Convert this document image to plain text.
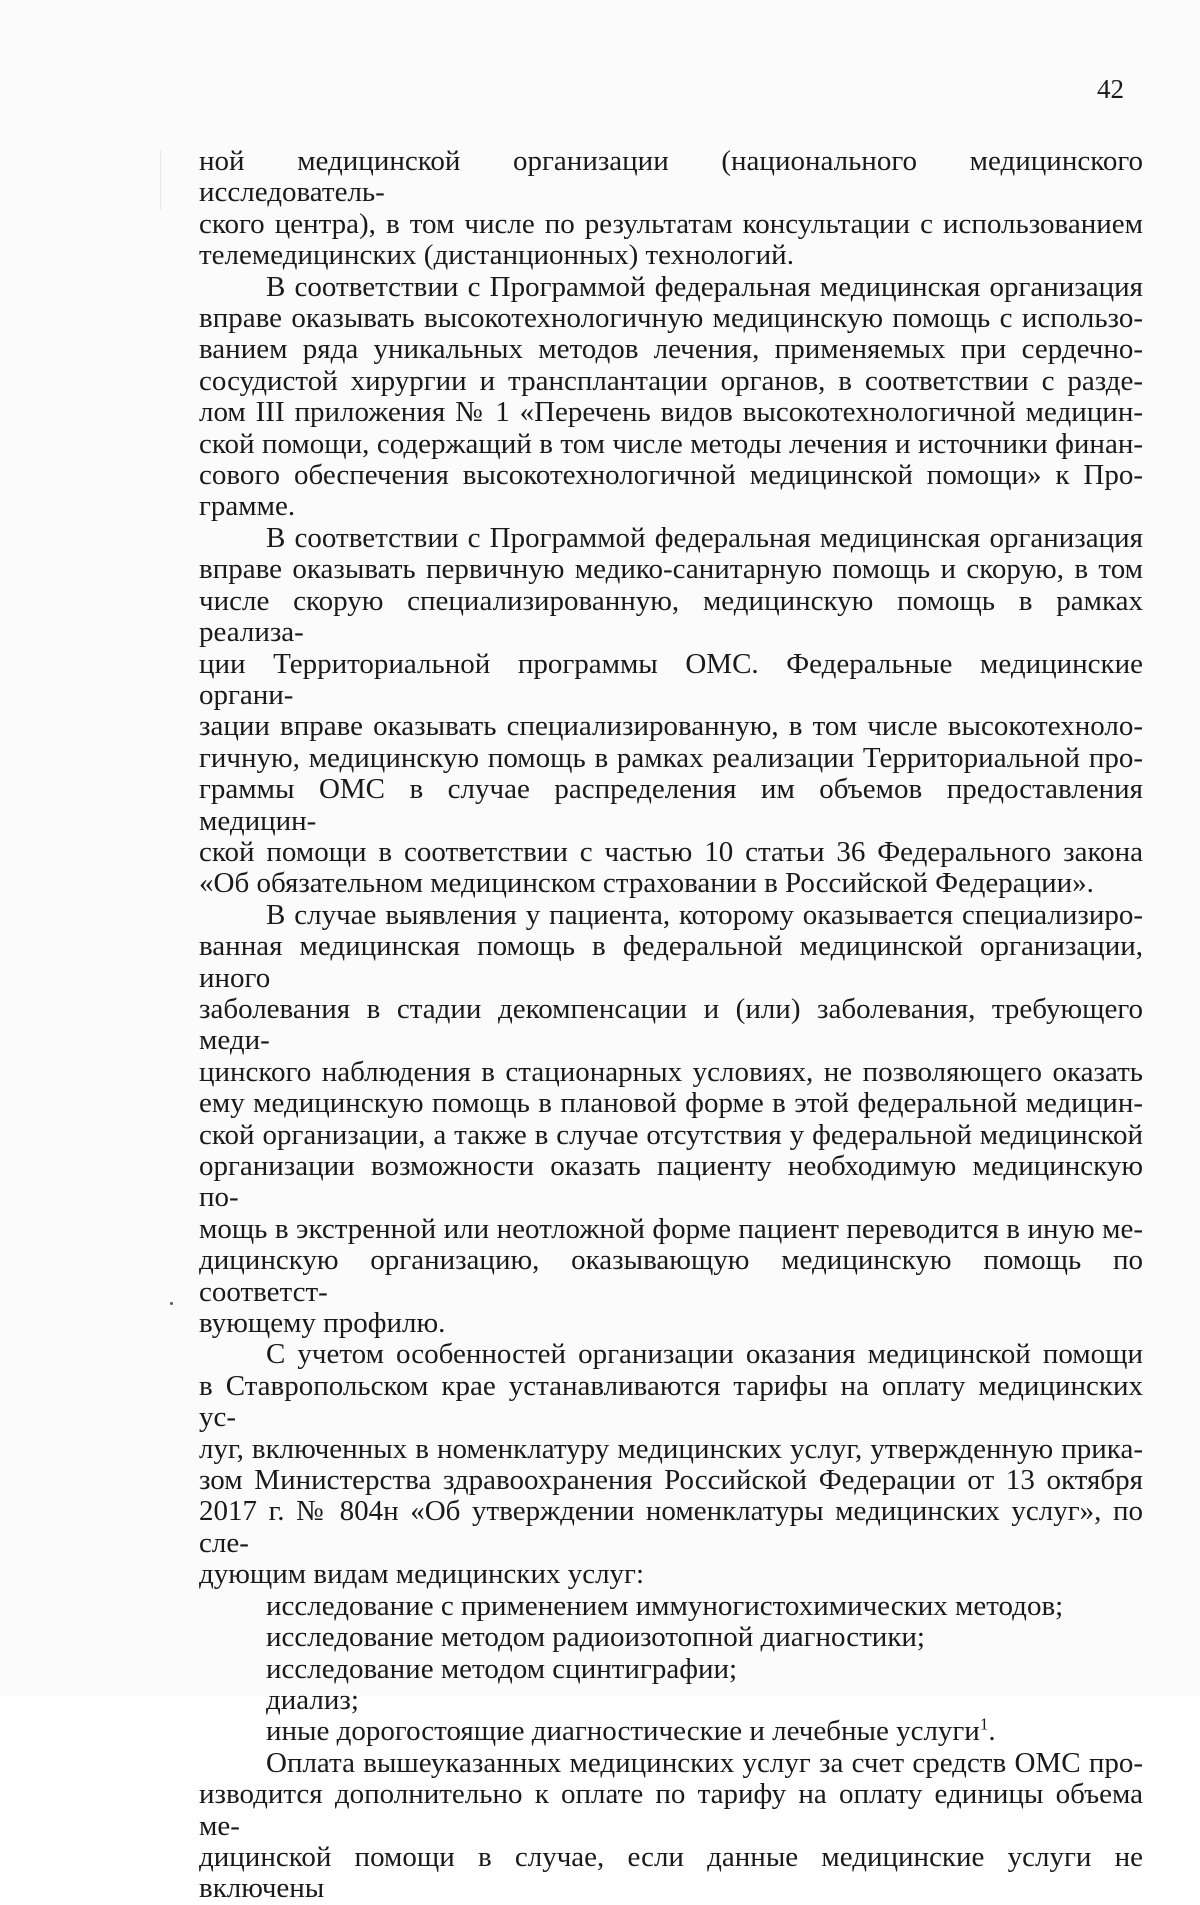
42

ной медицинской организации (национального медицинского исследователь-
ского центра), в том числе по результатам консультации с использованием
телемедицинских (дистанционных) технологий.

В соответствии с Программой федеральная медицинская организация
вправе оказывать высокотехнологичную медицинскую помощь с использо-
ванием ряда уникальных методов лечения, применяемых при сердечно-
сосудистой хирургии и трансплантации органов, в соответствии с разде-
лом III приложения № 1 «Перечень видов высокотехнологичной медицин-
ской помощи, содержащий в том числе методы лечения и источники финан-
сового обеспечения высокотехнологичной медицинской помощи» к Про-
грамме.

В соответствии с Программой федеральная медицинская организация
вправе оказывать первичную медико-санитарную помощь и скорую, в том
числе скорую специализированную, медицинскую помощь в рамках реализа-
ции Территориальной программы ОМС. Федеральные медицинские органи-
зации вправе оказывать специализированную, в том числе высокотехноло-
гичную, медицинскую помощь в рамках реализации Территориальной про-
граммы ОМС в случае распределения им объемов предоставления медицин-
ской помощи в соответствии с частью 10 статьи 36 Федерального закона
«Об обязательном медицинском страховании в Российской Федерации».

В случае выявления у пациента, которому оказывается специализиро-
ванная медицинская помощь в федеральной медицинской организации, иного
заболевания в стадии декомпенсации и (или) заболевания, требующего меди-
цинского наблюдения в стационарных условиях, не позволяющего оказать
ему медицинскую помощь в плановой форме в этой федеральной медицин-
ской организации, а также в случае отсутствия у федеральной медицинской
организации возможности оказать пациенту необходимую медицинскую по-
мощь в экстренной или неотложной форме пациент переводится в иную ме-
дицинскую организацию, оказывающую медицинскую помощь по соответст-
вующему профилю.

С учетом особенностей организации оказания медицинской помощи
в Ставропольском крае устанавливаются тарифы на оплату медицинских ус-
луг, включенных в номенклатуру медицинских услуг, утвержденную прика-
зом Министерства здравоохранения Российской Федерации от 13 октября
2017 г. № 804н «Об утверждении номенклатуры медицинских услуг», по сле-
дующим видам медицинских услуг:

исследование с применением иммуногистохимических методов;
исследование методом радиоизотопной диагностики;
исследование методом сцинтиграфии;
диализ;
иные дорогостоящие диагностические и лечебные услуги$^1$.

Оплата вышеуказанных медицинских услуг за счет средств ОМС про-
изводится дополнительно к оплате по тарифу на оплату единицы объема ме-
дицинской помощи в случае, если данные медицинские услуги не включены
